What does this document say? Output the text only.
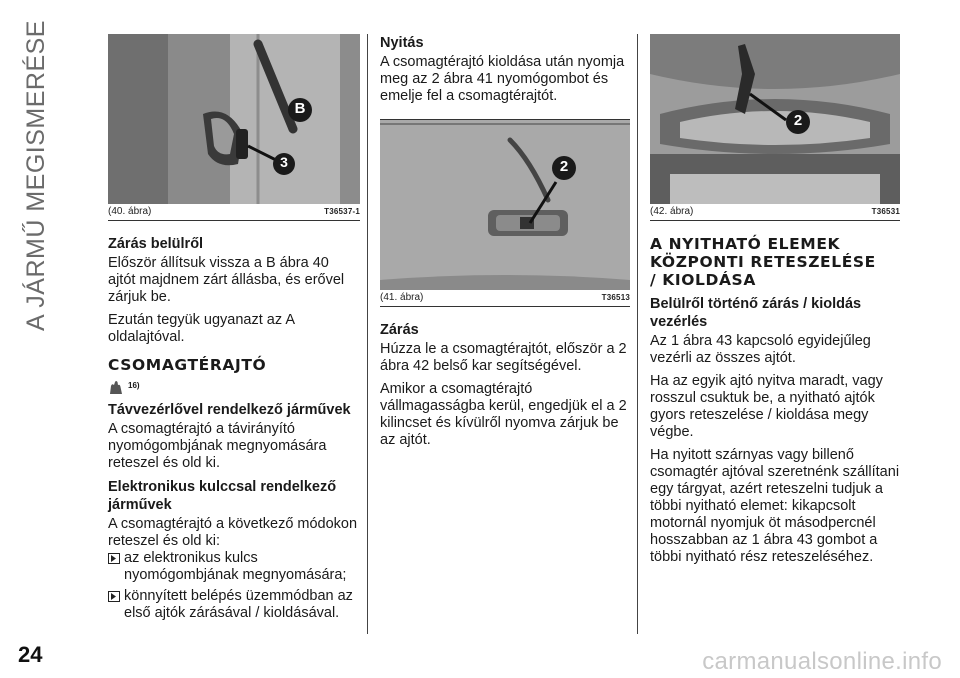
A JÁRMŰ MEGISMERÉSE	B
3
(40. ábra)	T36537-1
Zárás belülről

Először állítsuk vissza a B ábra 40 ajtót majdnem zárt állásba, és erővel zárjuk be.

Ezután tegyük ugyanazt az A oldalajtóval.

CSOMAGTÉRAJTÓ
16)
Távvezérlővel rendelkező járművek

A csomagtérajtó a távirányító nyomógombjának megnyomására reteszel és old ki.

Elektronikus kulccsal rendelkező járművek

A csomagtérajtó a következő módokon reteszel és old ki:

az elektronikus kulcs nyomógombjának megnyomására;
könnyített belépés üzemmódban az első ajtók zárásával / kioldásával.
Nyitás

A csomagtérajtó kioldása után nyomja meg az 2 ábra 41 nyomógombot és emelje fel a csomagtérajtót.

2
(41. ábra)	T36513
Zárás

Húzza le a csomagtérajtót, először a 2 ábra 42 belső kar segítségével.

Amikor a csomagtérajtó vállmagasságba kerül, engedjük el a 2 kilincset és kívülről nyomva zárjuk be az ajtót.

2
(42. ábra)	T36531
A NYITHATÓ ELEMEK
KÖZPONTI RETESZELÉSE
/ KIOLDÁSA
Belülről történő zárás / kioldás vezérlés

Az 1 ábra 43 kapcsoló egyidejűleg vezérli az összes ajtót.

Ha az egyik ajtó nyitva maradt, vagy rosszul csuktuk be, a nyitható ajtók gyors reteszelése / kioldása megy végbe.

Ha nyitott szárnyas vagy billenő csomagtér ajtóval szeretnénk szállítani egy tárgyat, azért reteszelni tudjuk a többi nyitható elemet: kikapcsolt motornál nyomjuk öt másodpercnél hosszabban az 1 ábra 43 gombot a többi nyitható rész reteszeléséhez.

24	carmanualsonline.info
